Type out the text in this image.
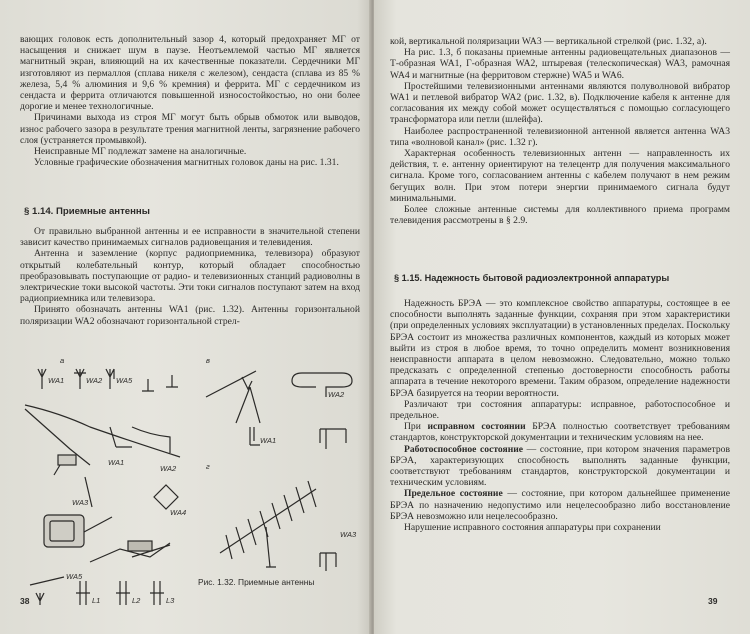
вающих головок есть дополнительный зазор 4, который предохраняет МГ от насыщения и снижает шум в паузе. Неотъемлемой частью МГ является магнитный экран, влияющий на их качественные показатели. Сердечники МГ изготовляют из пермаллоя (сплава никеля с железом), сендаста (сплава из 85 % железа, 5,4 % алюминия и 9,6 % кремния) и феррита. МГ с сердечником из сендаста и феррита отличаются повышенной износостойкостью, но они более дорогие и менее технологичные.

Причинами выхода из строя МГ могут быть обрыв обмоток или выводов, износ рабочего зазора в результате трения магнитной ленты, загрязнение рабочего слоя (устраняется промывкой).

Неисправные МГ подлежат замене на аналогичные.

Условные графические обозначения магнитных головок даны на рис. 1.31.

§ 1.14. Приемные антенны

От правильно выбранной антенны и ее исправности в значительной степени зависит качество принимаемых сигналов радиовещания и телевидения.

Антенна и заземление (корпус радиоприемника, телевизора) образуют открытый колебательный контур, который обладает способностью преобразовывать поступающие от радио- и телевизионных станций радиоволны в электрические токи высокой частоты. Эти токи сигналов поступают затем на вход радиоприемника или телевизора.

Принято обозначать антенны WA1 (рис. 1.32). Антенны горизонтальной поляризации WA2 обозначают горизонтальной стрел-

а
WA1	WA2 WA5
WA1
WA2
WA3
WA4
в
WA1
WA2
г
WA3
WA5
L1	L2	L3
Рис. 1.32. Приемные антенны
38

кой, вертикальной поляризации WA3 — вертикальной стрелкой (рис. 1.32, а).

На рис. 1.3, б показаны приемные антенны радиовещательных диапазонов — Т-образная WA1, Г-образная WA2, штыревая (телескопическая) WA3, рамочная WA4 и магнитные (на ферритовом стержне) WA5 и WA6.

Простейшими телевизионными антеннами являются полуволновой вибратор WA1 и петлевой вибратор WA2 (рис. 1.32, в). Подключение кабеля к антенне для согласования их между собой может осуществляться с помощью согласующего трансформатора или петли (шлейфа).

Наиболее распространенной телевизионной антенной является антенна WA3 типа «волновой канал» (рис. 1.32 г).

Характерная особенность телевизионных антенн — направленность их действия, т. е. антенну ориентируют на телецентр для получения максимального сигнала. Кроме того, согласованием антенны с кабелем получают в нем режим бегущих волн. При этом потери энергии принимаемого сигнала будут минимальными.

Более сложные антенные системы для коллективного приема программ телевидения рассмотрены в § 2.9.

§ 1.15. Надежность бытовой радиоэлектронной аппаратуры

Надежность БРЭА — это комплексное свойство аппаратуры, состоящее в ее способности выполнять заданные функции, сохраняя при этом характеристики (при определенных условиях эксплуатации) в установленных пределах. Поскольку БРЭА состоит из множества различных компонентов, каждый из которых может выйти из строя в любое время, то точно определить момент возникновения неисправности аппарата в целом невозможно. Следовательно, можно только предсказать с определенной степенью достоверности способность работы аппарата в течение некоторого времени. Таким образом, определение надежности БРЭА базируется на теории вероятности.

Различают три состояния аппаратуры: исправное, работоспособное и предельное.

При исправном состоянии БРЭА полностью соответствует требованиям стандартов, конструкторской документации и техническим условиям на нее.

Работоспособное состояние — состояние, при котором значения параметров БРЭА, характеризующих способность выполнять заданные функции, соответствуют требованиям стандартов, конструкторской документации и техническим условиям.

Предельное состояние — состояние, при котором дальнейшее применение БРЭА по назначению недопустимо или нецелесообразно либо восстановление БРЭА невозможно или нецелесообразно.

Нарушение исправного состояния аппаратуры при сохранении

39
